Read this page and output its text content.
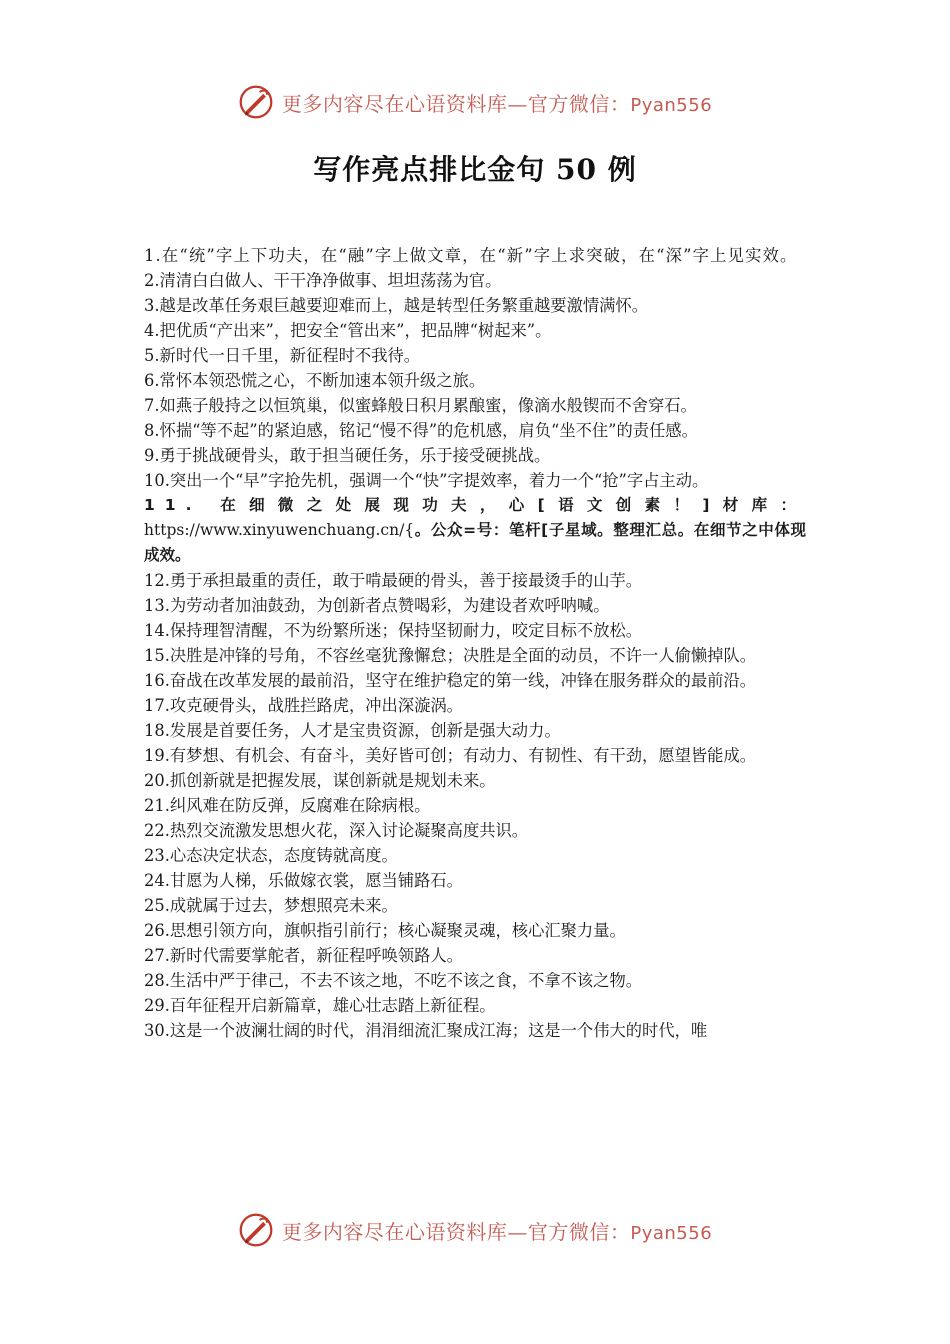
更多内容尽在心语资料库—官方微信：Pyan556
写作亮点排比金句 50 例
1.在“统”字上下功夫，在“融”字上做文章，在“新”字上求突破，在“深”字上见实效。
2.清清白白做人、干干净净做事、坦坦荡荡为官。
3.越是改革任务艰巨越要迎难而上，越是转型任务繁重越要激情满怀。
4.把优质“产出来”，把安全“管出来”，把品牌“树起来”。
5.新时代一日千里，新征程时不我待。
6.常怀本领恐慌之心，不断加速本领升级之旅。
7.如燕子般持之以恒筑巢，似蜜蜂般日积月累酿蜜，像滴水般锲而不舍穿石。
8.怀揣“等不起”的紧迫感，铭记“慢不得”的危机感，肩负“坐不住”的责任感。
9.勇于挑战硬骨头，敢于担当硬任务，乐于接受硬挑战。
10.突出一个“早”字抢先机，强调一个“快”字提效率，着力一个“抢”字占主动。
11. 在细微之处展现功夫，心[语文创素！]材库：https://www.xinyuwenchuang.cn/{。公众=号：笔杆[子星域。整理汇总。在细节之中体现成效。
12.勇于承担最重的责任，敢于啃最硬的骨头，善于接最烫手的山芋。
13.为劳动者加油鼓劲，为创新者点赞喝彩，为建设者欢呼呐喊。
14.保持理智清醒，不为纷繁所迷；保持坚韧耐力，咬定目标不放松。
15.决胜是冲锋的号角，不容丝毫犹豫懈怠；决胜是全面的动员，不许一人偷懒掉队。
16.奋战在改革发展的最前沿，坚守在维护稳定的第一线，冲锋在服务群众的最前沿。
17.攻克硬骨头，战胜拦路虎，冲出深漩涡。
18.发展是首要任务，人才是宝贵资源，创新是强大动力。
19.有梦想、有机会、有奋斗，美好皆可创；有动力、有韧性、有干劲，愿望皆能成。
20.抓创新就是把握发展，谋创新就是规划未来。
21.纠风难在防反弹，反腐难在除病根。
22.热烈交流激发思想火花，深入讨论凝聚高度共识。
23.心态决定状态，态度铸就高度。
24.甘愿为人梯，乐做嫁衣裳，愿当铺路石。
25.成就属于过去，梦想照亮未来。
26.思想引领方向，旗帜指引前行；核心凝聚灵魂，核心汇聚力量。
27.新时代需要掌舵者，新征程呼唤领路人。
28.生活中严于律己，不去不该之地，不吃不该之食，不拿不该之物。
29.百年征程开启新篇章，雄心壮志踏上新征程。
30.这是一个波澜壮阔的时代，涓涓细流汇聚成江海；这是一个伟大的时代，唯
更多内容尽在心语资料库—官方微信：Pyan556
